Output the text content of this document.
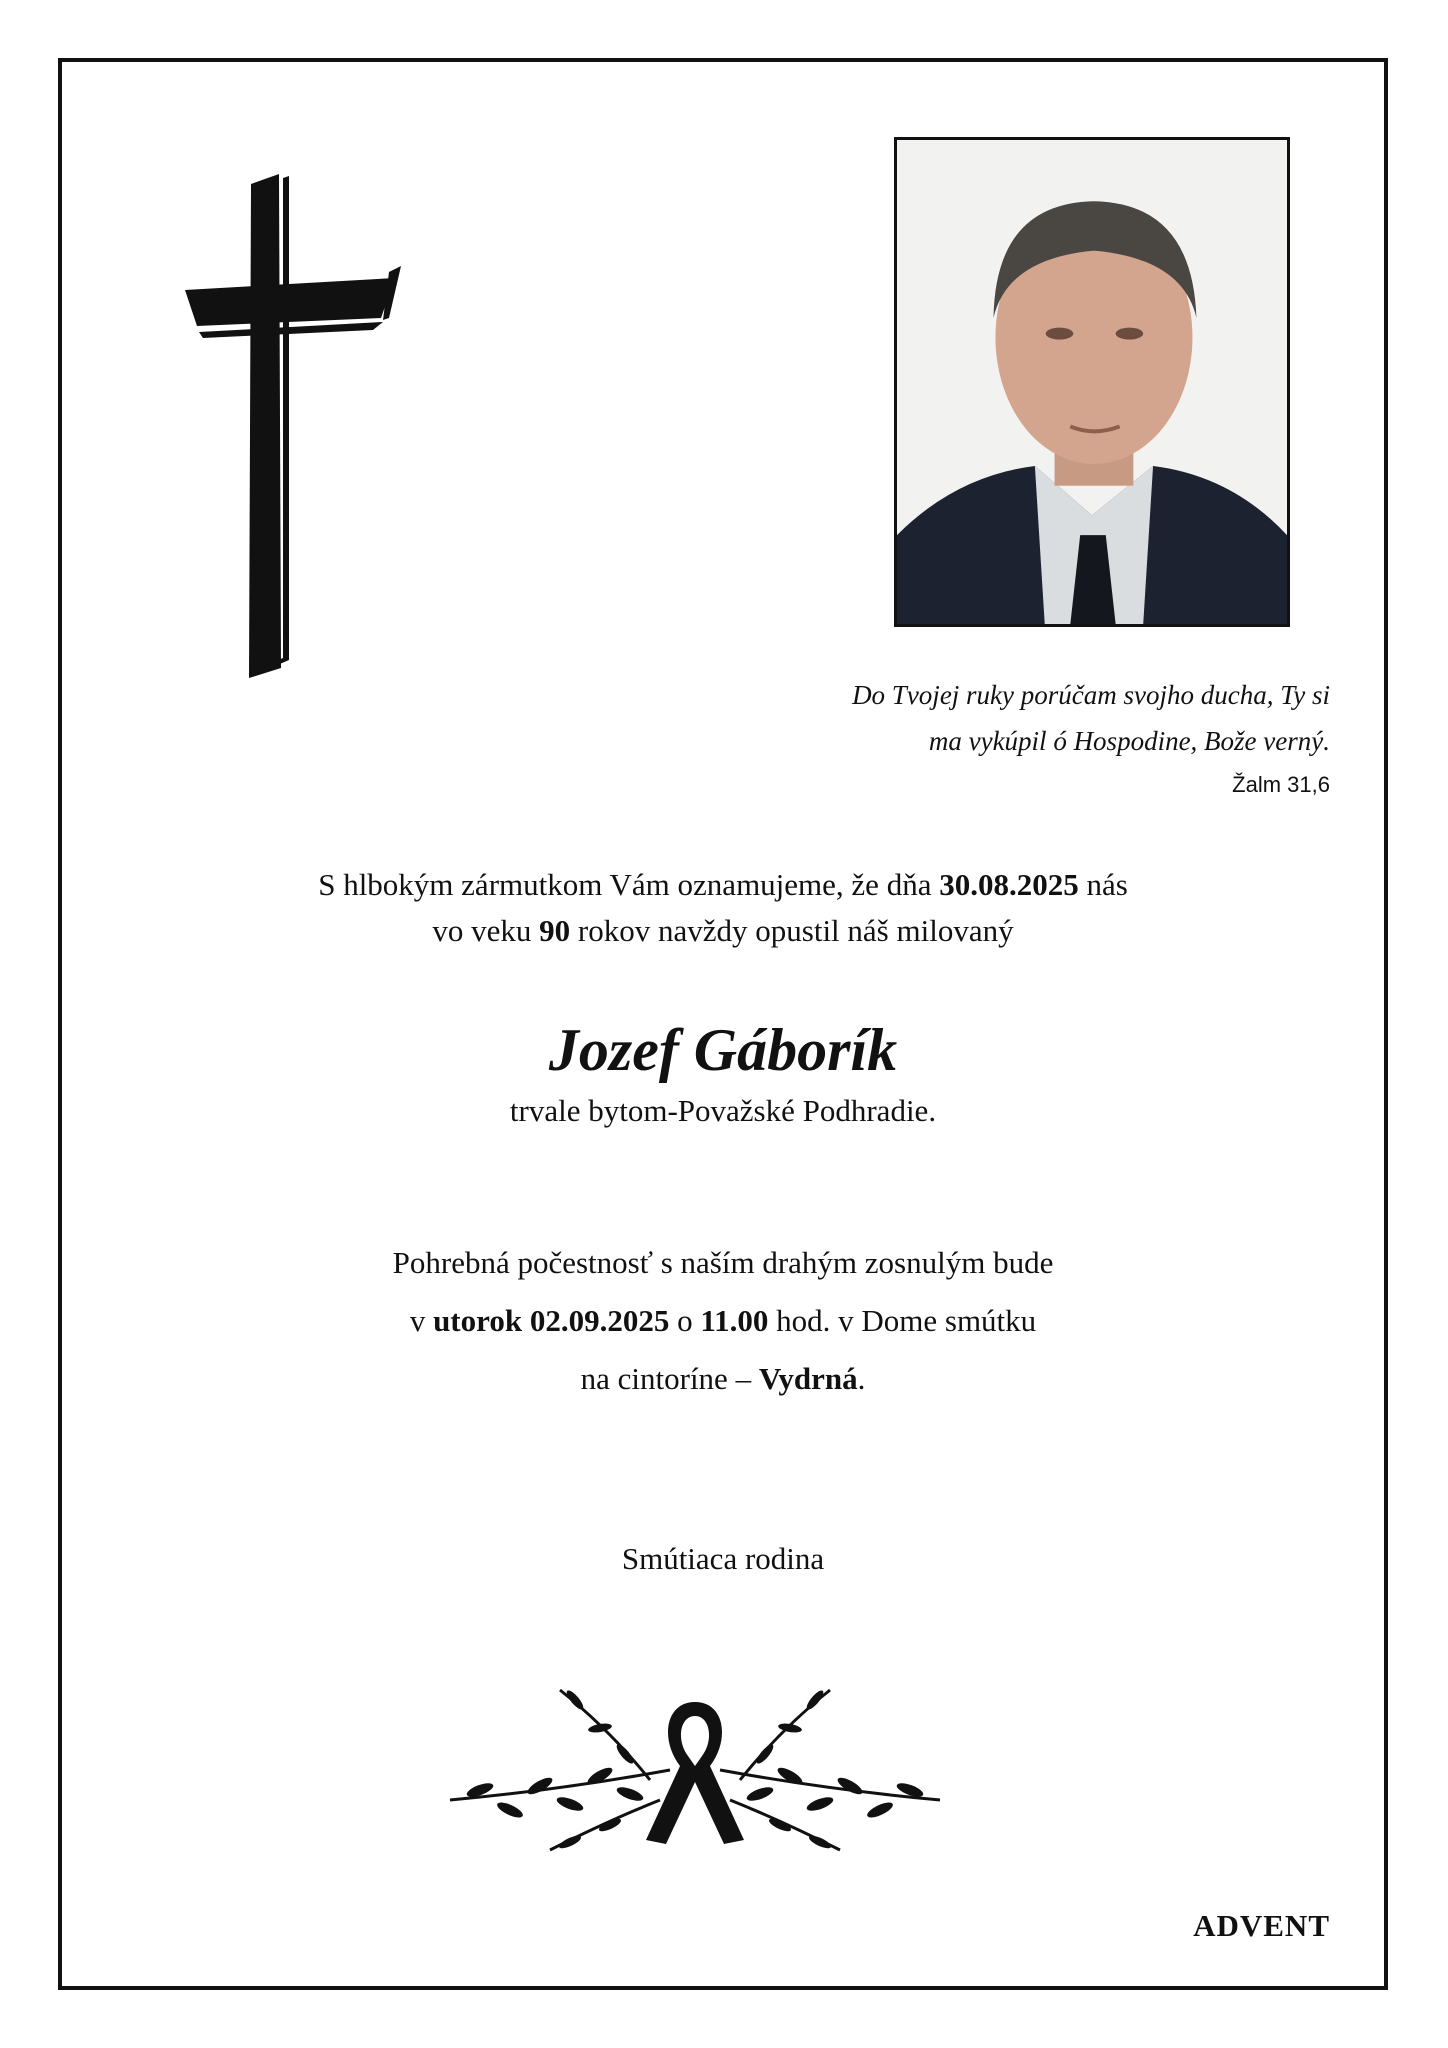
Do Tvojej ruky porúčam svojho ducha, Ty si
ma vykúpil ó Hospodine, Bože verný.
Žalm 31,6
S hlbokým zármutkom Vám oznamujeme, že dňa 30.08.2025 nás
vo veku 90 rokov navždy opustil náš milovaný
Jozef Gáborík
trvale bytom-Považské Podhradie.
Pohrebná počestnosť s naším drahým zosnulým bude
v utorok 02.09.2025 o 11.00 hod. v Dome smútku
na cintoríne – Vydrná.
Smútiaca rodina
ADVENT
